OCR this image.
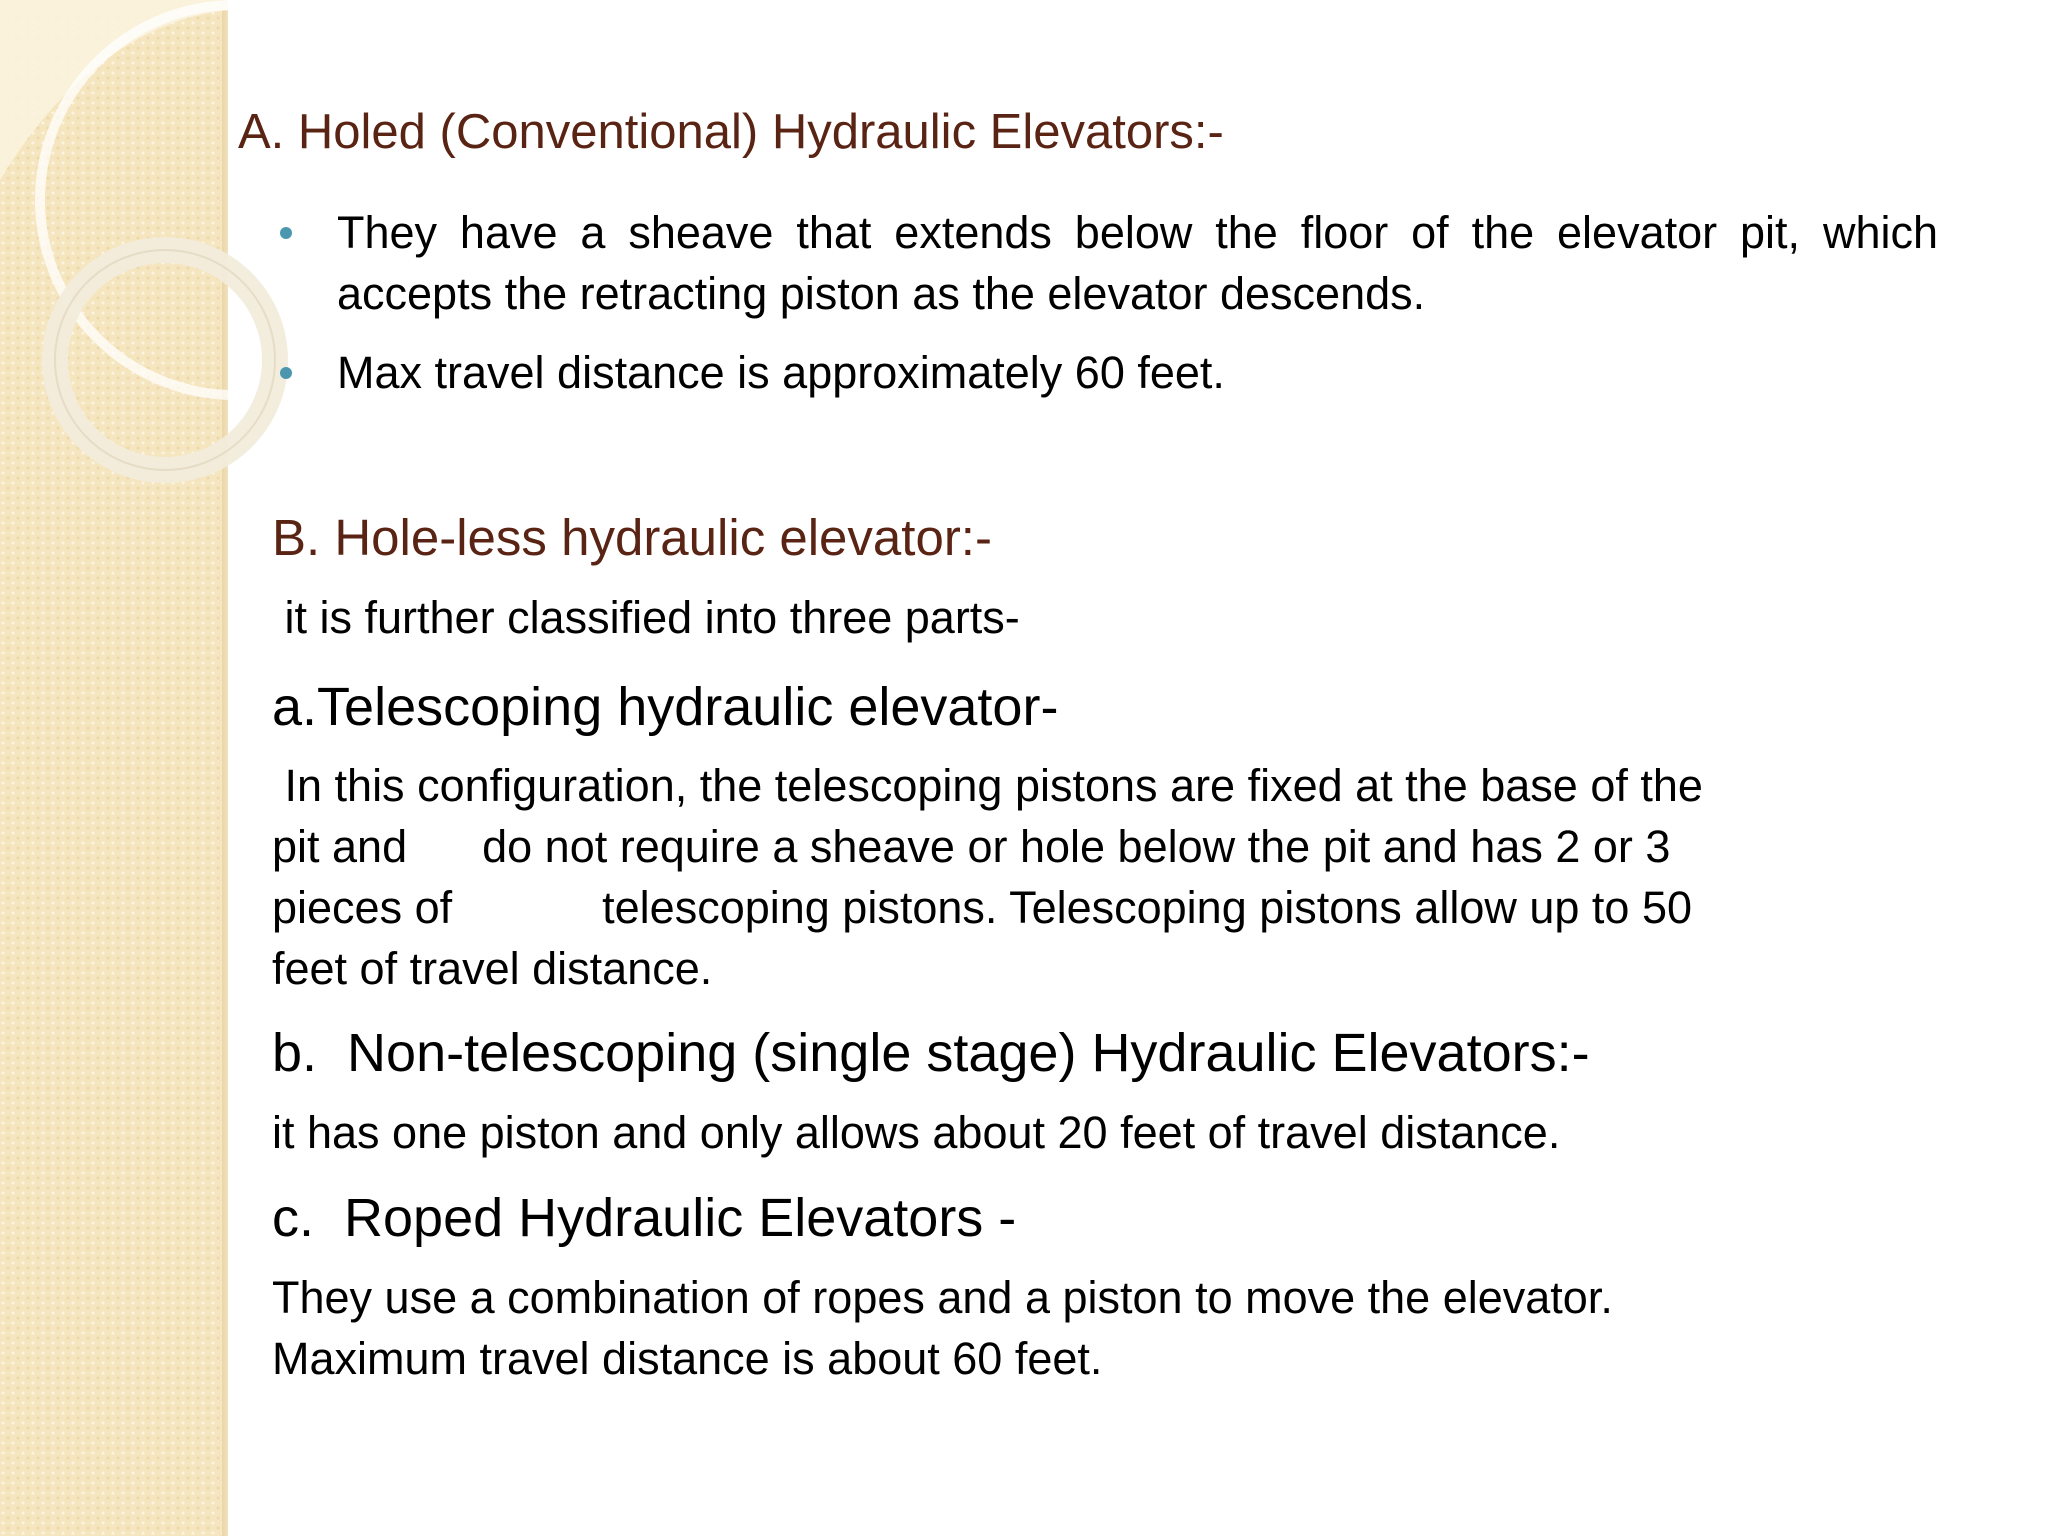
A. Holed (Conventional) Hydraulic Elevators:-
They have a sheave that extends below the floor of the elevator pit, which accepts the retracting piston as the elevator descends.
Max travel distance is approximately 60 feet.
B. Hole-less hydraulic elevator:-
it is further classified into three parts-
a.Telescoping hydraulic elevator-
In this configuration, the telescoping pistons are fixed at the base of the
pit and      do not require a sheave or hole below the pit and has 2 or 3
pieces of            telescoping pistons. Telescoping pistons allow up to 50
feet of travel distance.
b.  Non-telescoping (single stage) Hydraulic Elevators:-
it has one piston and only allows about 20 feet of travel distance.
c.  Roped Hydraulic Elevators -
They use a combination of ropes and a piston to move the elevator.
Maximum travel distance is about 60 feet.
